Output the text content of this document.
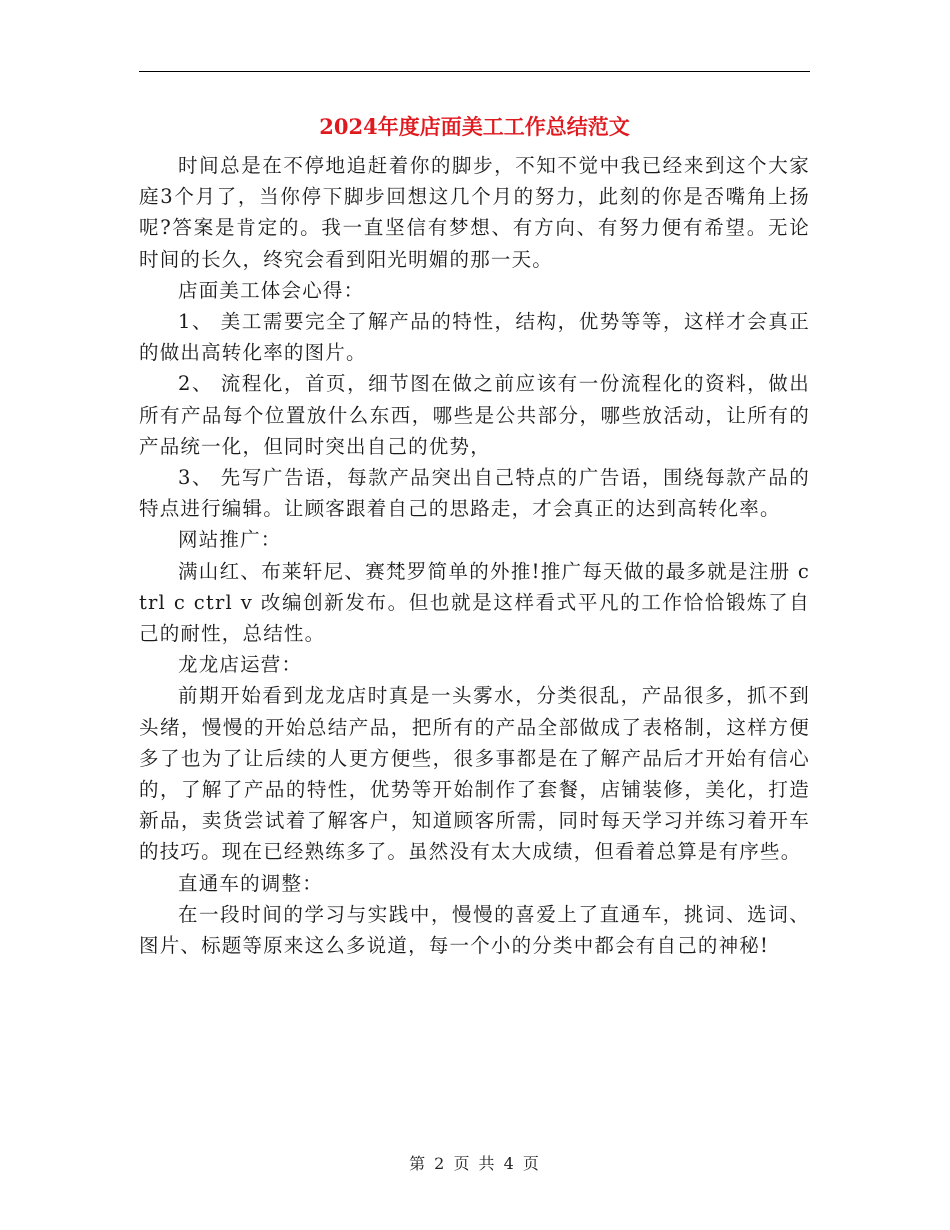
2024年度店面美工工作总结范文

时间总是在不停地追赶着你的脚步，不知不觉中我已经来到这个大家庭3个月了，当你停下脚步回想这几个月的努力，此刻的你是否嘴角上扬呢?答案是肯定的。我一直坚信有梦想、有方向、有努力便有希望。无论时间的长久，终究会看到阳光明媚的那一天。

店面美工体会心得：

1、 美工需要完全了解产品的特性，结构，优势等等，这样才会真正的做出高转化率的图片。

2、 流程化，首页，细节图在做之前应该有一份流程化的资料，做出所有产品每个位置放什么东西，哪些是公共部分，哪些放活动，让所有的产品统一化，但同时突出自己的优势，

3、 先写广告语，每款产品突出自己特点的广告语，围绕每款产品的特点进行编辑。让顾客跟着自己的思路走，才会真正的达到高转化率。

网站推广：

满山红、布莱轩尼、赛梵罗简单的外推!推广每天做的最多就是注册 ctrl c ctrl v 改编创新发布。但也就是这样看式平凡的工作恰恰锻炼了自己的耐性，总结性。

龙龙店运营：

前期开始看到龙龙店时真是一头雾水，分类很乱，产品很多，抓不到头绪，慢慢的开始总结产品，把所有的产品全部做成了表格制，这样方便多了也为了让后续的人更方便些，很多事都是在了解产品后才开始有信心的，了解了产品的特性，优势等开始制作了套餐，店铺装修，美化，打造新品，卖货尝试着了解客户，知道顾客所需，同时每天学习并练习着开车的技巧。现在已经熟练多了。虽然没有太大成绩，但看着总算是有序些。

直通车的调整：

在一段时间的学习与实践中，慢慢的喜爱上了直通车，挑词、选词、图片、标题等原来这么多说道，每一个小的分类中都会有自己的神秘!

第 2 页 共 4 页
